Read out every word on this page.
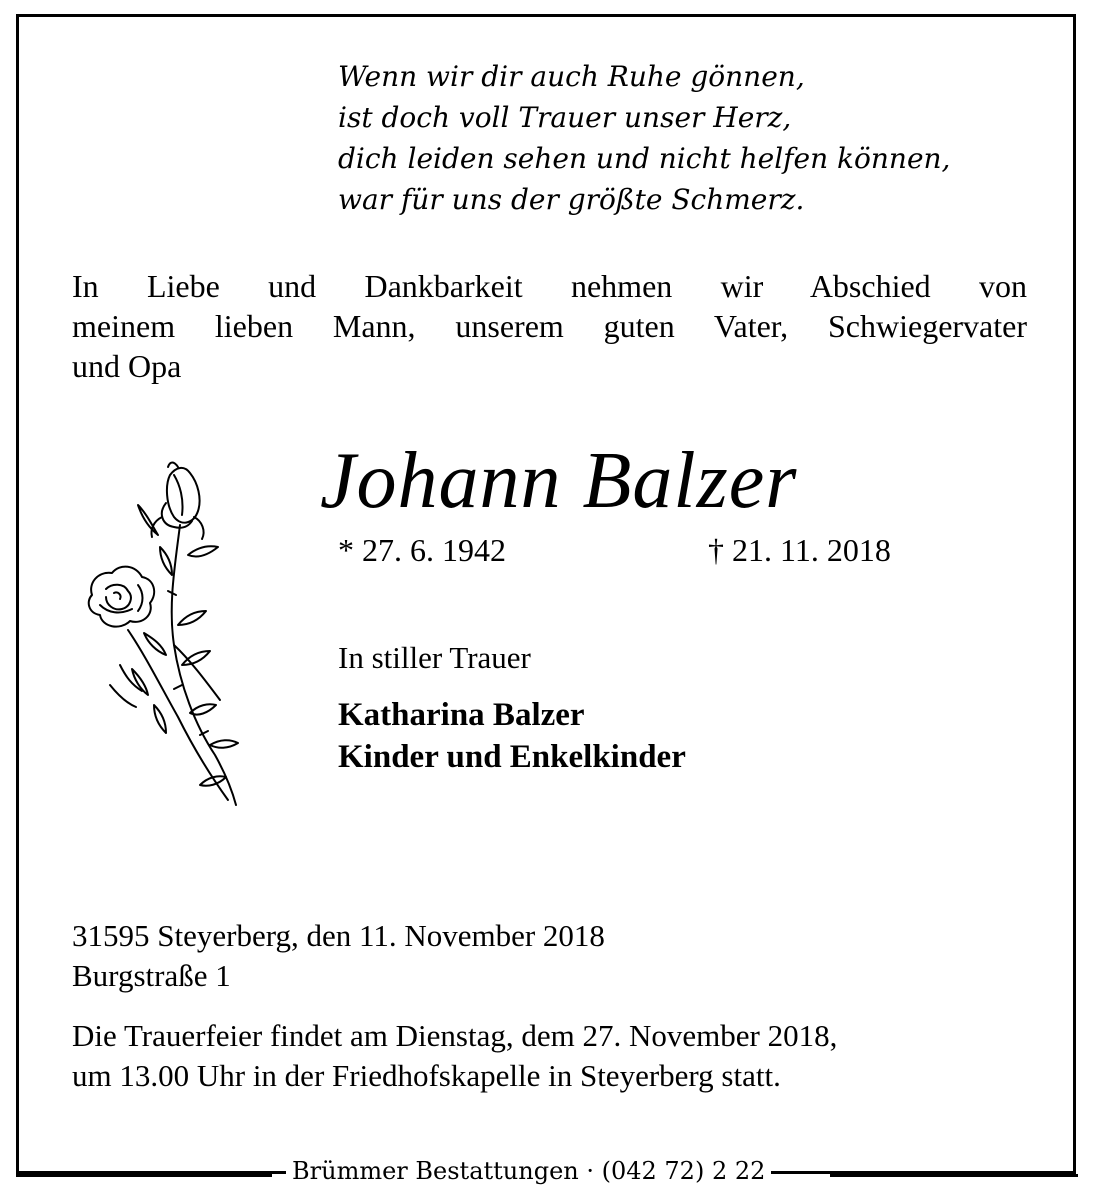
Wenn wir dir auch Ruhe gönnen,
ist doch voll Trauer unser Herz,
dich leiden sehen und nicht helfen können,
war für uns der größte Schmerz.
In Liebe und Dankbarkeit nehmen wir Abschied von
meinem lieben Mann, unserem guten Vater, Schwiegervater
und Opa
Johann Balzer
* 27. 6. 1942	† 21. 11. 2018
In stiller Trauer
Katharina Balzer
Kinder und Enkelkinder
31595 Steyerberg, den 11. November 2018
Burgstraße 1
Die Trauerfeier findet am Dienstag, dem 27. November 2018,
um 13.00 Uhr in der Friedhofskapelle in Steyerberg statt.
Brümmer Bestattungen · (042 72) 2 22
